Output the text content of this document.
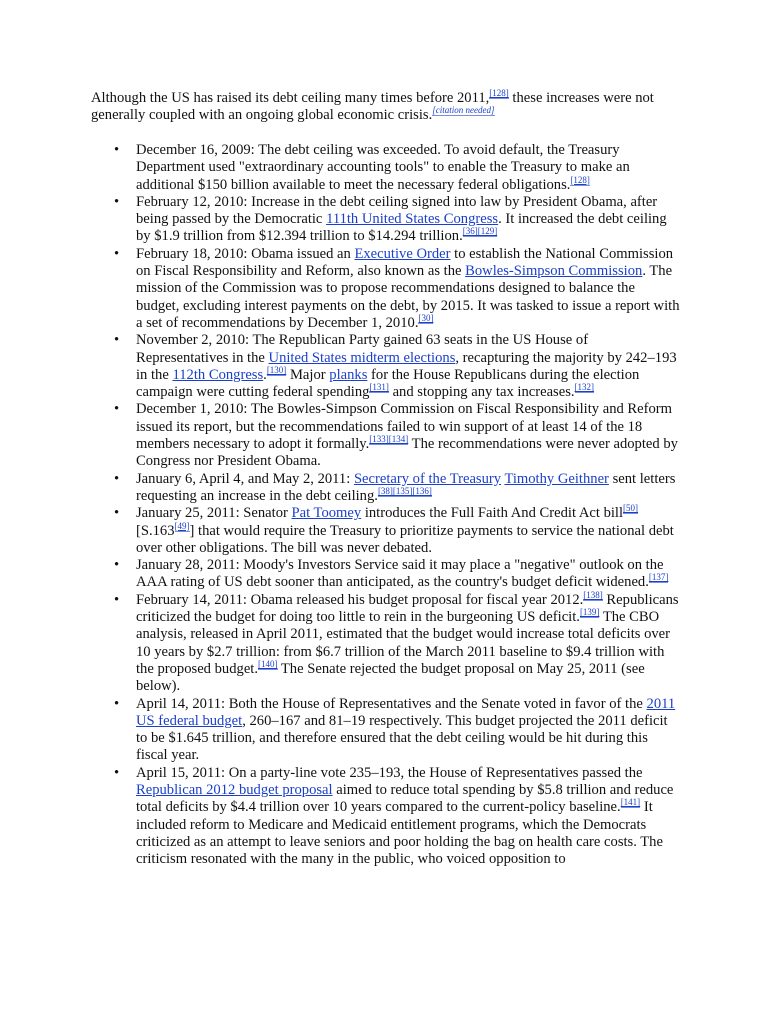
Although the US has raised its debt ceiling many times before 2011,[128] these increases were not generally coupled with an ongoing global economic crisis.[citation needed]

• December 16, 2009: The debt ceiling was exceeded. To avoid default, the Treasury Department used "extraordinary accounting tools" to enable the Treasury to make an additional $150 billion available to meet the necessary federal obligations.[128]
• February 12, 2010: Increase in the debt ceiling signed into law by President Obama, after being passed by the Democratic 111th United States Congress. It increased the debt ceiling by $1.9 trillion from $12.394 trillion to $14.294 trillion.[36][129]
• February 18, 2010: Obama issued an Executive Order to establish the National Commission on Fiscal Responsibility and Reform, also known as the Bowles-Simpson Commission. The mission of the Commission was to propose recommendations designed to balance the budget, excluding interest payments on the debt, by 2015. It was tasked to issue a report with a set of recommendations by December 1, 2010.[30]
• November 2, 2010: The Republican Party gained 63 seats in the US House of Representatives in the United States midterm elections, recapturing the majority by 242–193 in the 112th Congress.[130] Major planks for the House Republicans during the election campaign were cutting federal spending[131] and stopping any tax increases.[132]
• December 1, 2010: The Bowles-Simpson Commission on Fiscal Responsibility and Reform issued its report, but the recommendations failed to win support of at least 14 of the 18 members necessary to adopt it formally.[133][134] The recommendations were never adopted by Congress nor President Obama.
• January 6, April 4, and May 2, 2011: Secretary of the Treasury Timothy Geithner sent letters requesting an increase in the debt ceiling.[38][135][136]
• January 25, 2011: Senator Pat Toomey introduces the Full Faith And Credit Act bill[50] [S.163[49]] that would require the Treasury to prioritize payments to service the national debt over other obligations. The bill was never debated.
• January 28, 2011: Moody's Investors Service said it may place a "negative" outlook on the AAA rating of US debt sooner than anticipated, as the country's budget deficit widened.[137]
• February 14, 2011: Obama released his budget proposal for fiscal year 2012.[138] Republicans criticized the budget for doing too little to rein in the burgeoning US deficit.[139] The CBO analysis, released in April 2011, estimated that the budget would increase total deficits over 10 years by $2.7 trillion: from $6.7 trillion of the March 2011 baseline to $9.4 trillion with the proposed budget.[140] The Senate rejected the budget proposal on May 25, 2011 (see below).
• April 14, 2011: Both the House of Representatives and the Senate voted in favor of the 2011 US federal budget, 260–167 and 81–19 respectively. This budget projected the 2011 deficit to be $1.645 trillion, and therefore ensured that the debt ceiling would be hit during this fiscal year.
• April 15, 2011: On a party-line vote 235–193, the House of Representatives passed the Republican 2012 budget proposal aimed to reduce total spending by $5.8 trillion and reduce total deficits by $4.4 trillion over 10 years compared to the current-policy baseline.[141] It included reform to Medicare and Medicaid entitlement programs, which the Democrats criticized as an attempt to leave seniors and poor holding the bag on health care costs. The criticism resonated with the many in the public, who voiced opposition to
